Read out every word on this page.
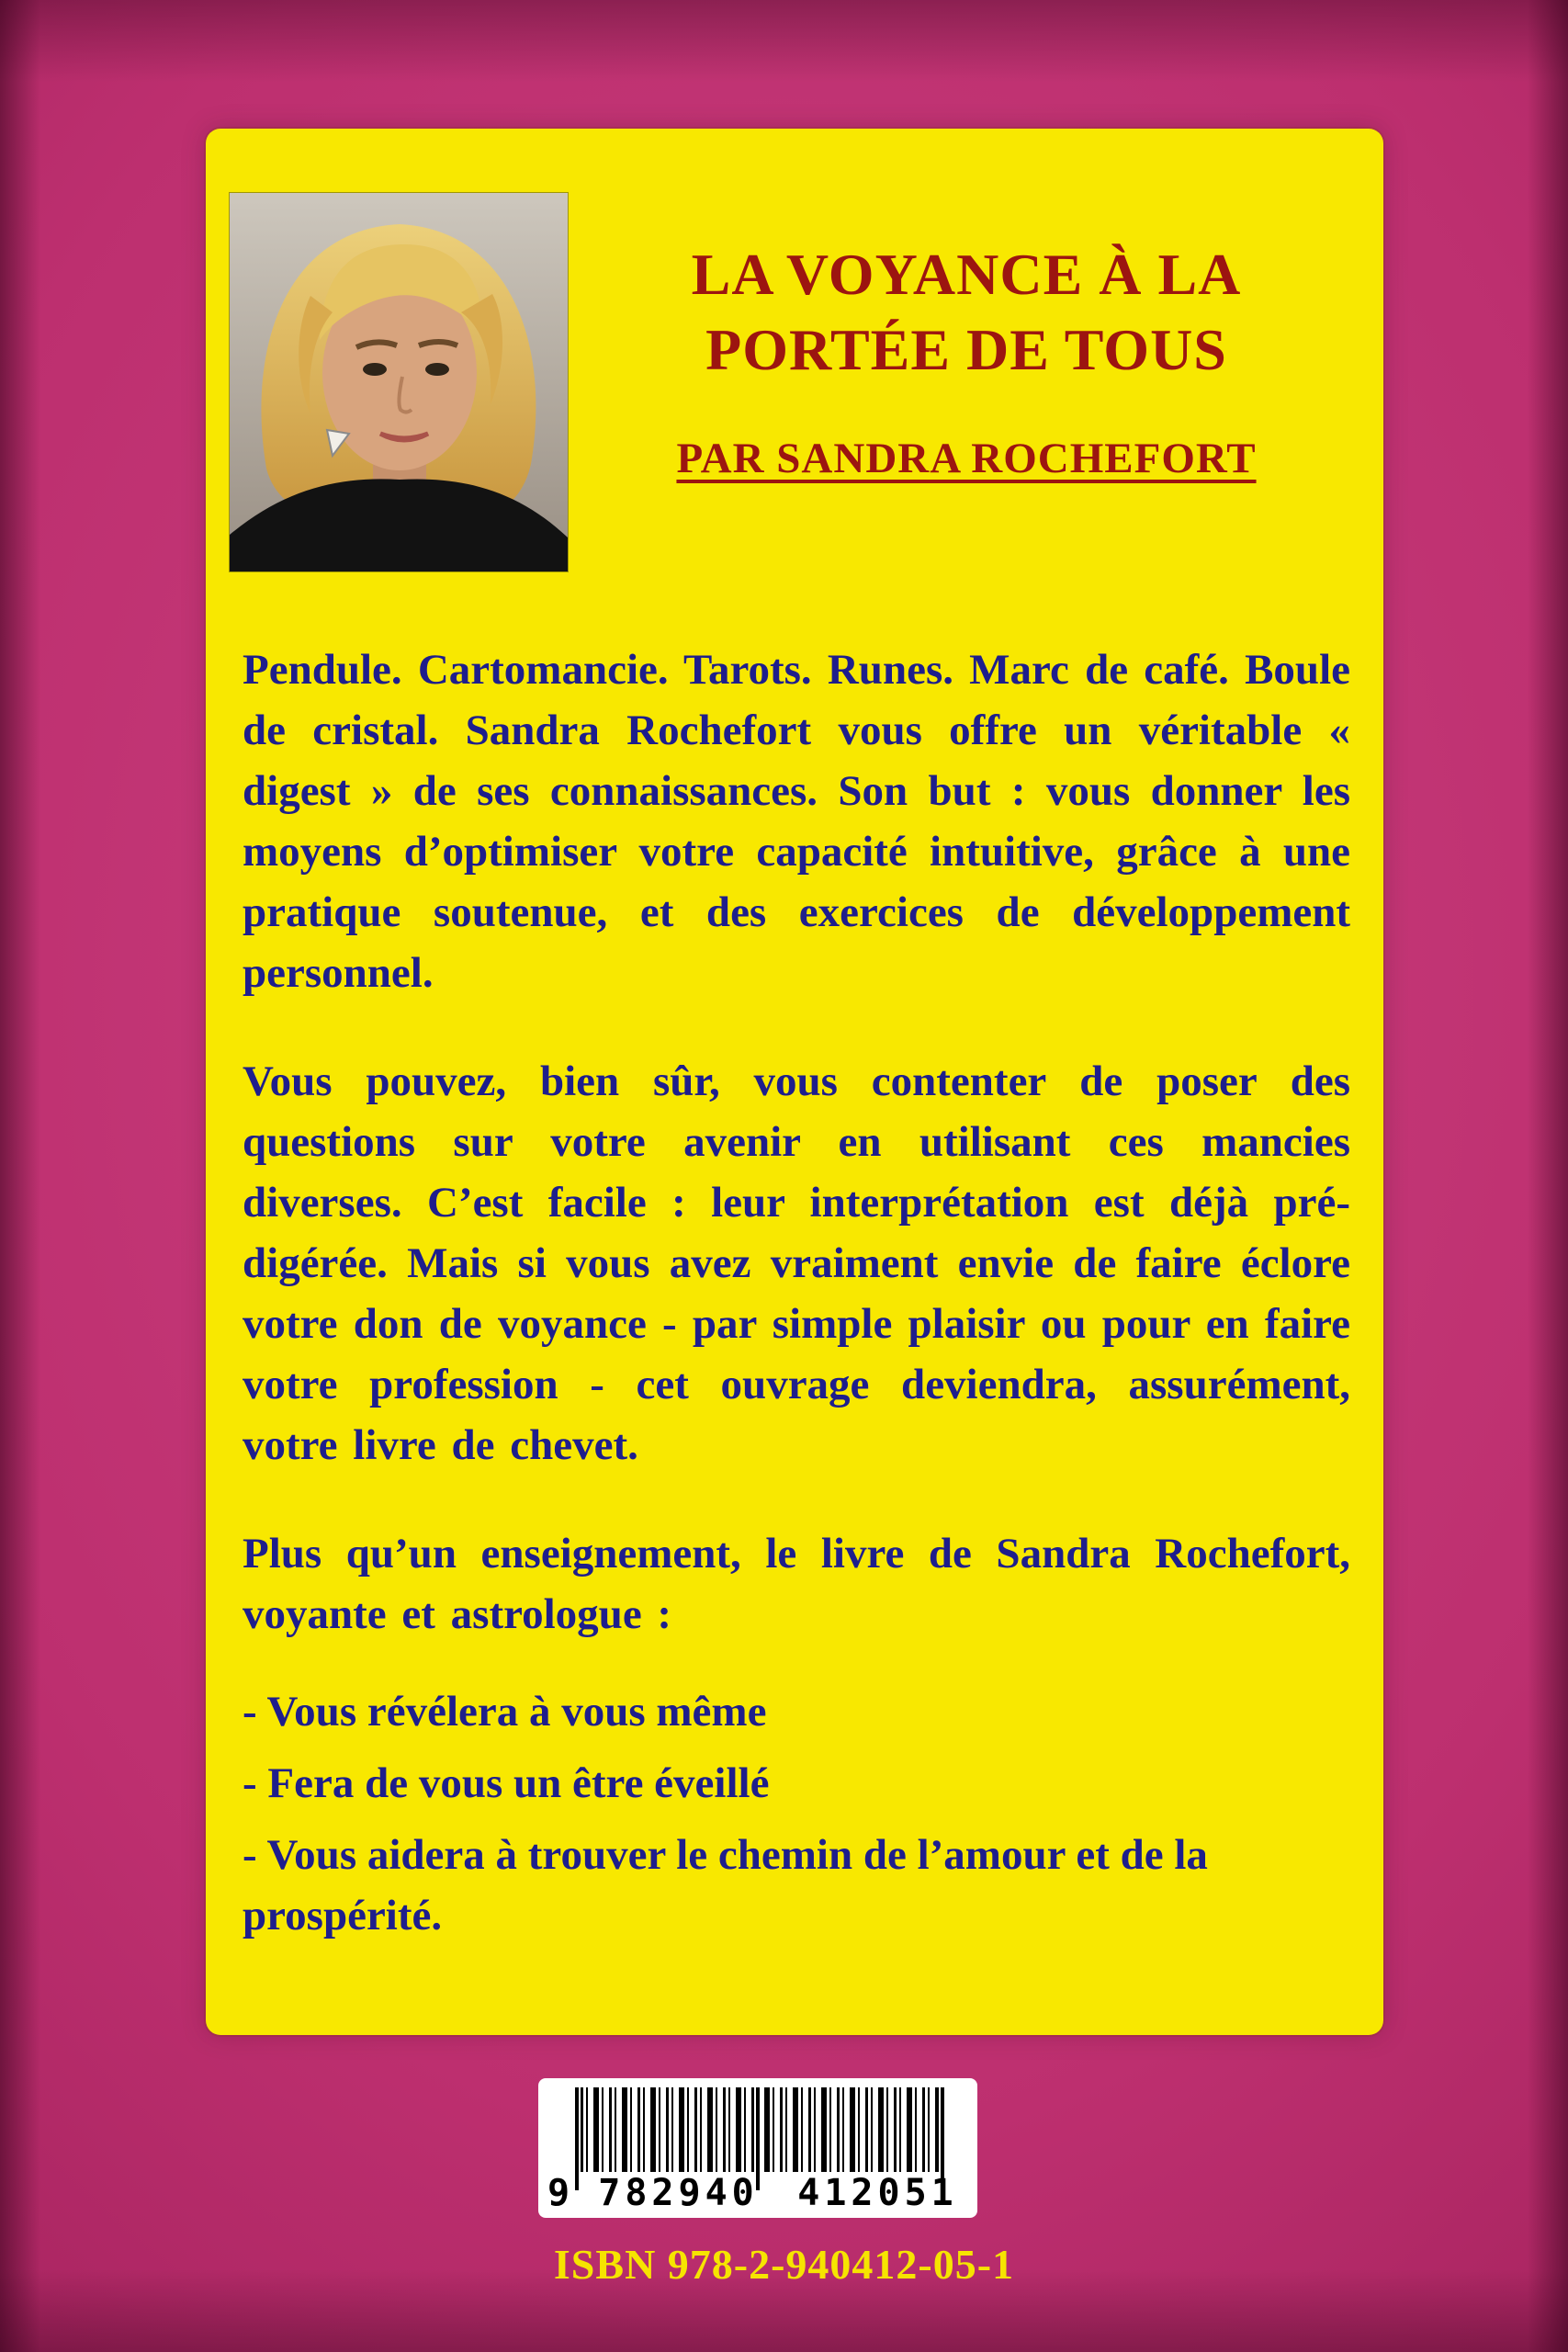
LA VOYANCE À LA
PORTÉE DE TOUS
PAR SANDRA ROCHEFORT

Pendule. Cartomancie. Tarots. Runes. Marc de café. Boule de cristal. Sandra Rochefort vous offre un véritable « digest » de ses connaissances. Son but : vous donner les moyens d’optimiser votre capacité intuitive, grâce à une pratique soutenue, et des exercices de développement personnel.

Vous pouvez, bien sûr, vous contenter de poser des questions sur votre avenir en utilisant ces mancies diverses. C’est facile : leur interprétation est déjà pré-digérée. Mais si vous avez vraiment envie de faire éclore votre don de voyance - par simple plaisir ou pour en faire votre profession - cet ouvrage deviendra, assurément, votre livre de chevet.

Plus qu’un enseignement, le livre de Sandra Rochefort, voyante et astrologue :

- Vous révélera à vous même
- Fera de vous un être éveillé
- Vous aidera à trouver le chemin de l’amour et de la prospérité.
9 782940	412051
ISBN 978-2-940412-05-1
